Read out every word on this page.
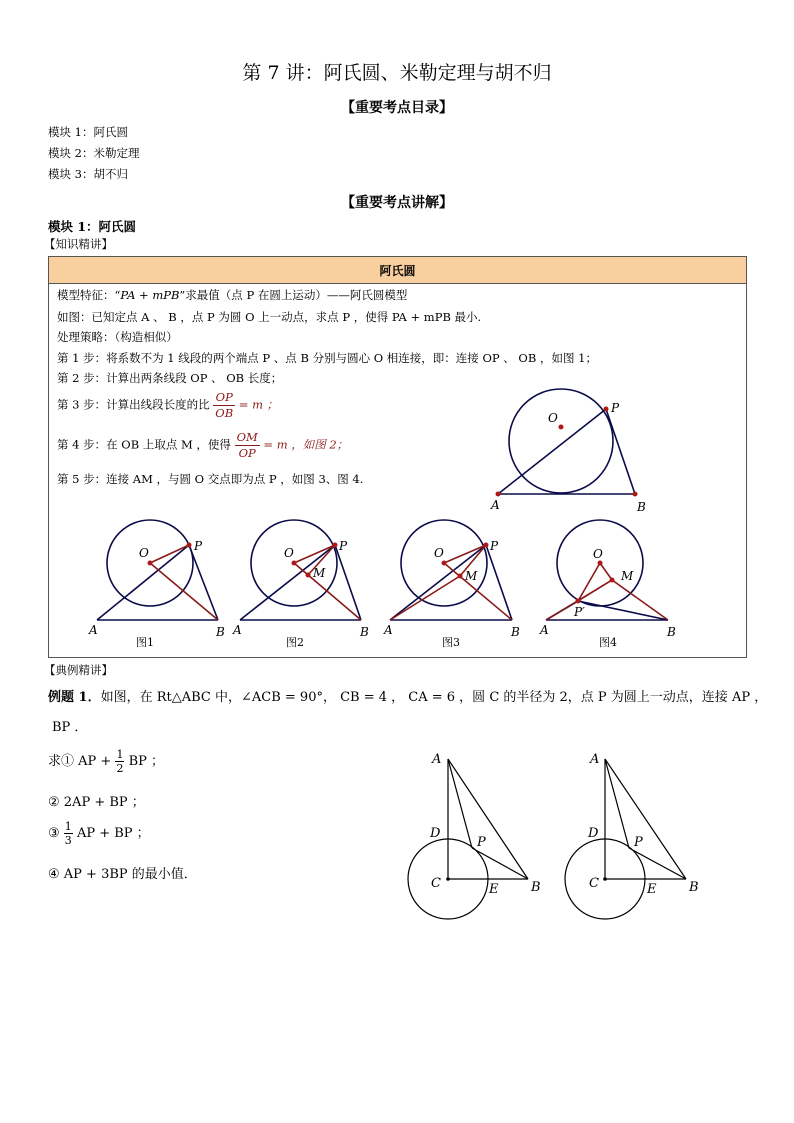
第 7 讲：阿氏圆、米勒定理与胡不归
【重要考点目录】
模块 1：阿氏圆
模块 2：米勒定理
模块 3：胡不归
【重要考点讲解】
模块 1：阿氏圆
【知识精讲】
阿氏圆
模型特征：“PA + mPB”求最值（点 P 在圆上运动）——阿氏圆模型
如图：已知定点 A 、 B ，点 P 为圆 O 上一动点，求点 P ，使得 PA + mPB 最小.
处理策略：（构造相似）
第 1 步：将系数不为 1 线段的两个端点 P 、点 B 分别与圆心 O 相连接，即：连接 OP 、 OB ，如图 1；
第 2 步：计算出两条线段 OP 、 OB 长度；
第 3 步：计算出线段长度的比 $\frac{OP}{OB} = m$ ；
第 4 步：在 OB 上取点 M ，使得 $\frac{OM}{OP} = m$ ，如图 2；
第 5 步：连接 AM ，与圆 O 交点即为点 P ，如图 3、图 4.
O
P
A	B
O	P
A	B
O	P
M
A	B
O	P
M
A	B
O
M
P′
A	B
图1	图2	图3	图4
A
D
P
C	E	B
A
D
P
C	E	B
【典例精讲】
例题 1．如图，在 Rt△ABC 中，∠ACB = 90°， CB = 4 ， CA = 6 ，圆 C 的半径为 2，点 P 为圆上一动点，连接 AP ，
BP ．
求① AP + $\frac{1}{2}$ BP ；
② 2AP + BP ；
③ $\frac{1}{3}$ AP + BP ；
④ AP + 3BP 的最小值．
